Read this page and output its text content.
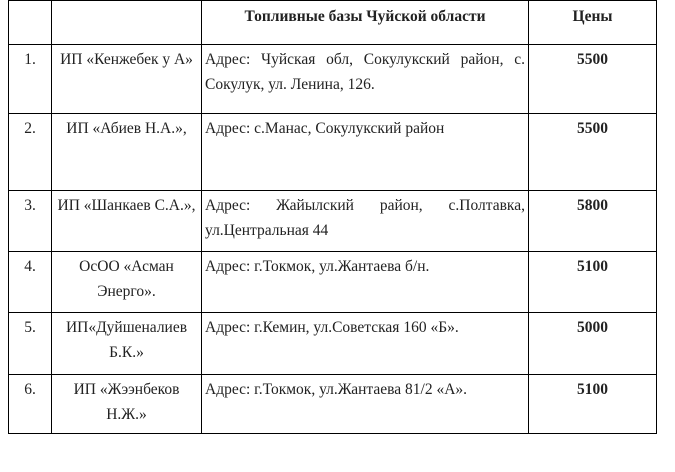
		Топливные базы Чуйской области	Цены
1.	ИП «Кенжебек у А»	Адрес: Чуйская обл, Сокулукский район, с. Сокулук, ул. Ленина, 126.	5500
2.	ИП «Абиев Н.А.»,	Адрес: с.Манас, Сокулукский район	5500
3.	ИП «Шанкаев С.А.»,	Адрес: Жайылский район, с.Полтавка, ул.Центральная 44	5800
4.	ОсОО «Асман Энерго».	Адрес: г.Токмок, ул.Жантаева б/н.	5100
5.	ИП«Дуйшеналиев Б.К.»	Адрес: г.Кемин, ул.Советская 160 «Б».	5000
6.	ИП «Жээнбеков Н.Ж.»	Адрес: г.Токмок, ул.Жантаева 81/2 «А».	5100
